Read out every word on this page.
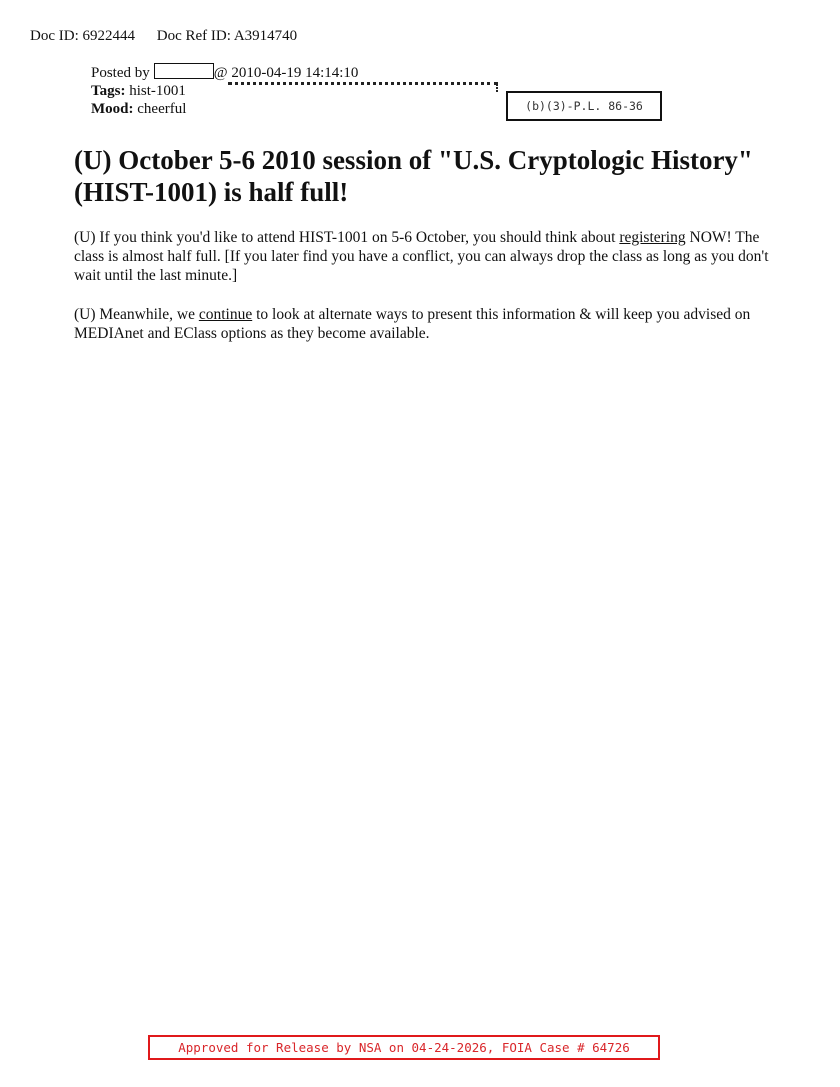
Doc ID: 6922444 Doc Ref ID: A3914740
Posted by	@ 2010-04-19 14:14:10
Tags: hist-1001
Mood: cheerful	(b)(3)-P.L. 86-36
(U) October 5-6 2010 session of "U.S. Cryptologic History" (HIST-1001) is half full!

(U) If you think you'd like to attend HIST-1001 on 5-6 October, you should think about registering NOW! The class is almost half full. [If you later find you have a conflict, you can always drop the class as long as you don't wait until the last minute.]

(U) Meanwhile, we continue to look at alternate ways to present this information & will keep you advised on MEDIAnet and EClass options as they become available.

Approved for Release by NSA on 04-24-2026, FOIA Case # 64726
